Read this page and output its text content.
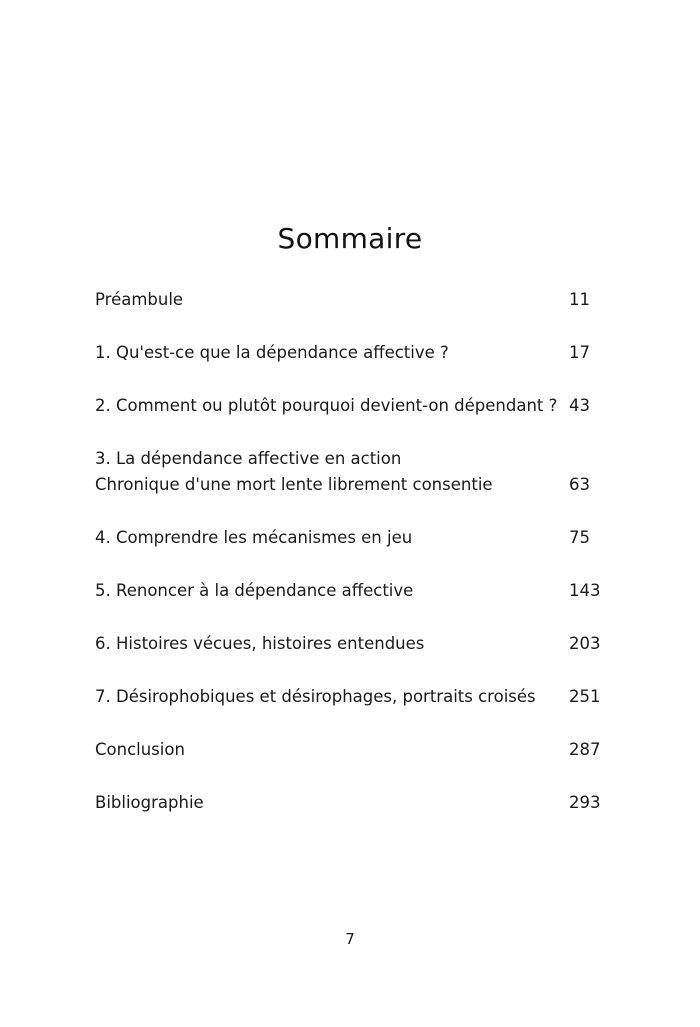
Sommaire
Préambule	11
1. Qu'est-ce que la dépendance affective ?	17
2. Comment ou plutôt pourquoi devient-on dépendant ? 43
3. La dépendance affective en action
Chronique d'une mort lente librement consentie	63
4. Comprendre les mécanismes en jeu	75
5. Renoncer à la dépendance affective	143
6. Histoires vécues, histoires entendues	203
7. Désirophobiques et désirophages, portraits croisés	251
Conclusion	287
Bibliographie	293
7
